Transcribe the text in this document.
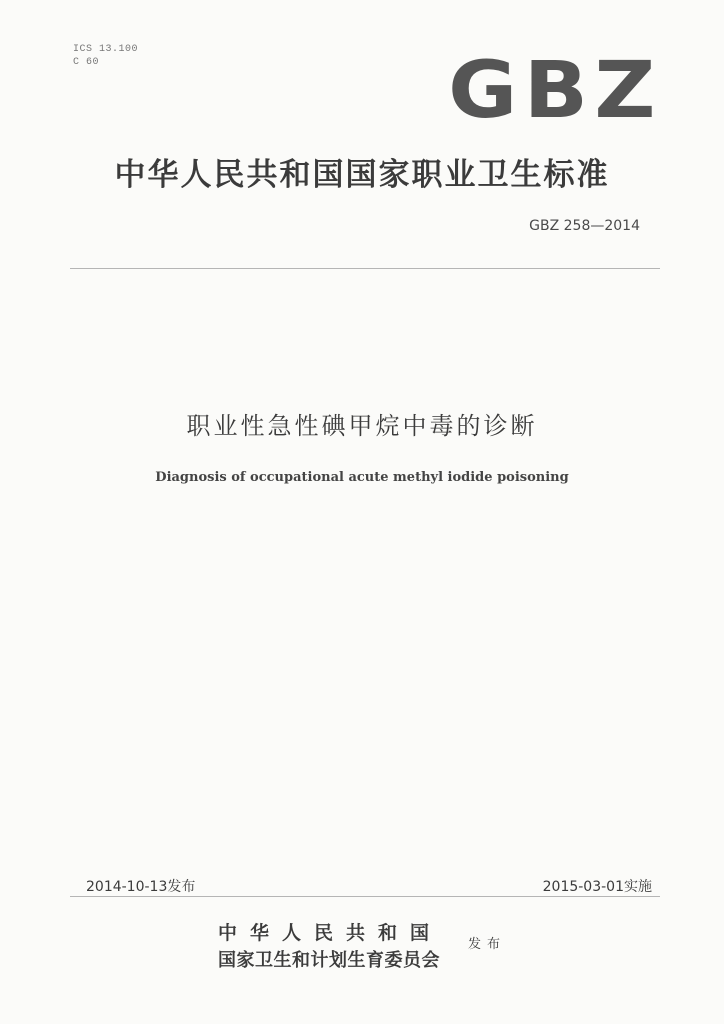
ICS 13.100
C 60	GBZ
中华人民共和国国家职业卫生标准
GBZ 258—2014
职业性急性碘甲烷中毒的诊断
Diagnosis of occupational acute methyl iodide poisoning
2014-10-13发布	2015-03-01实施
中华人民共和国
国家卫生和计划生育委员会
发布
